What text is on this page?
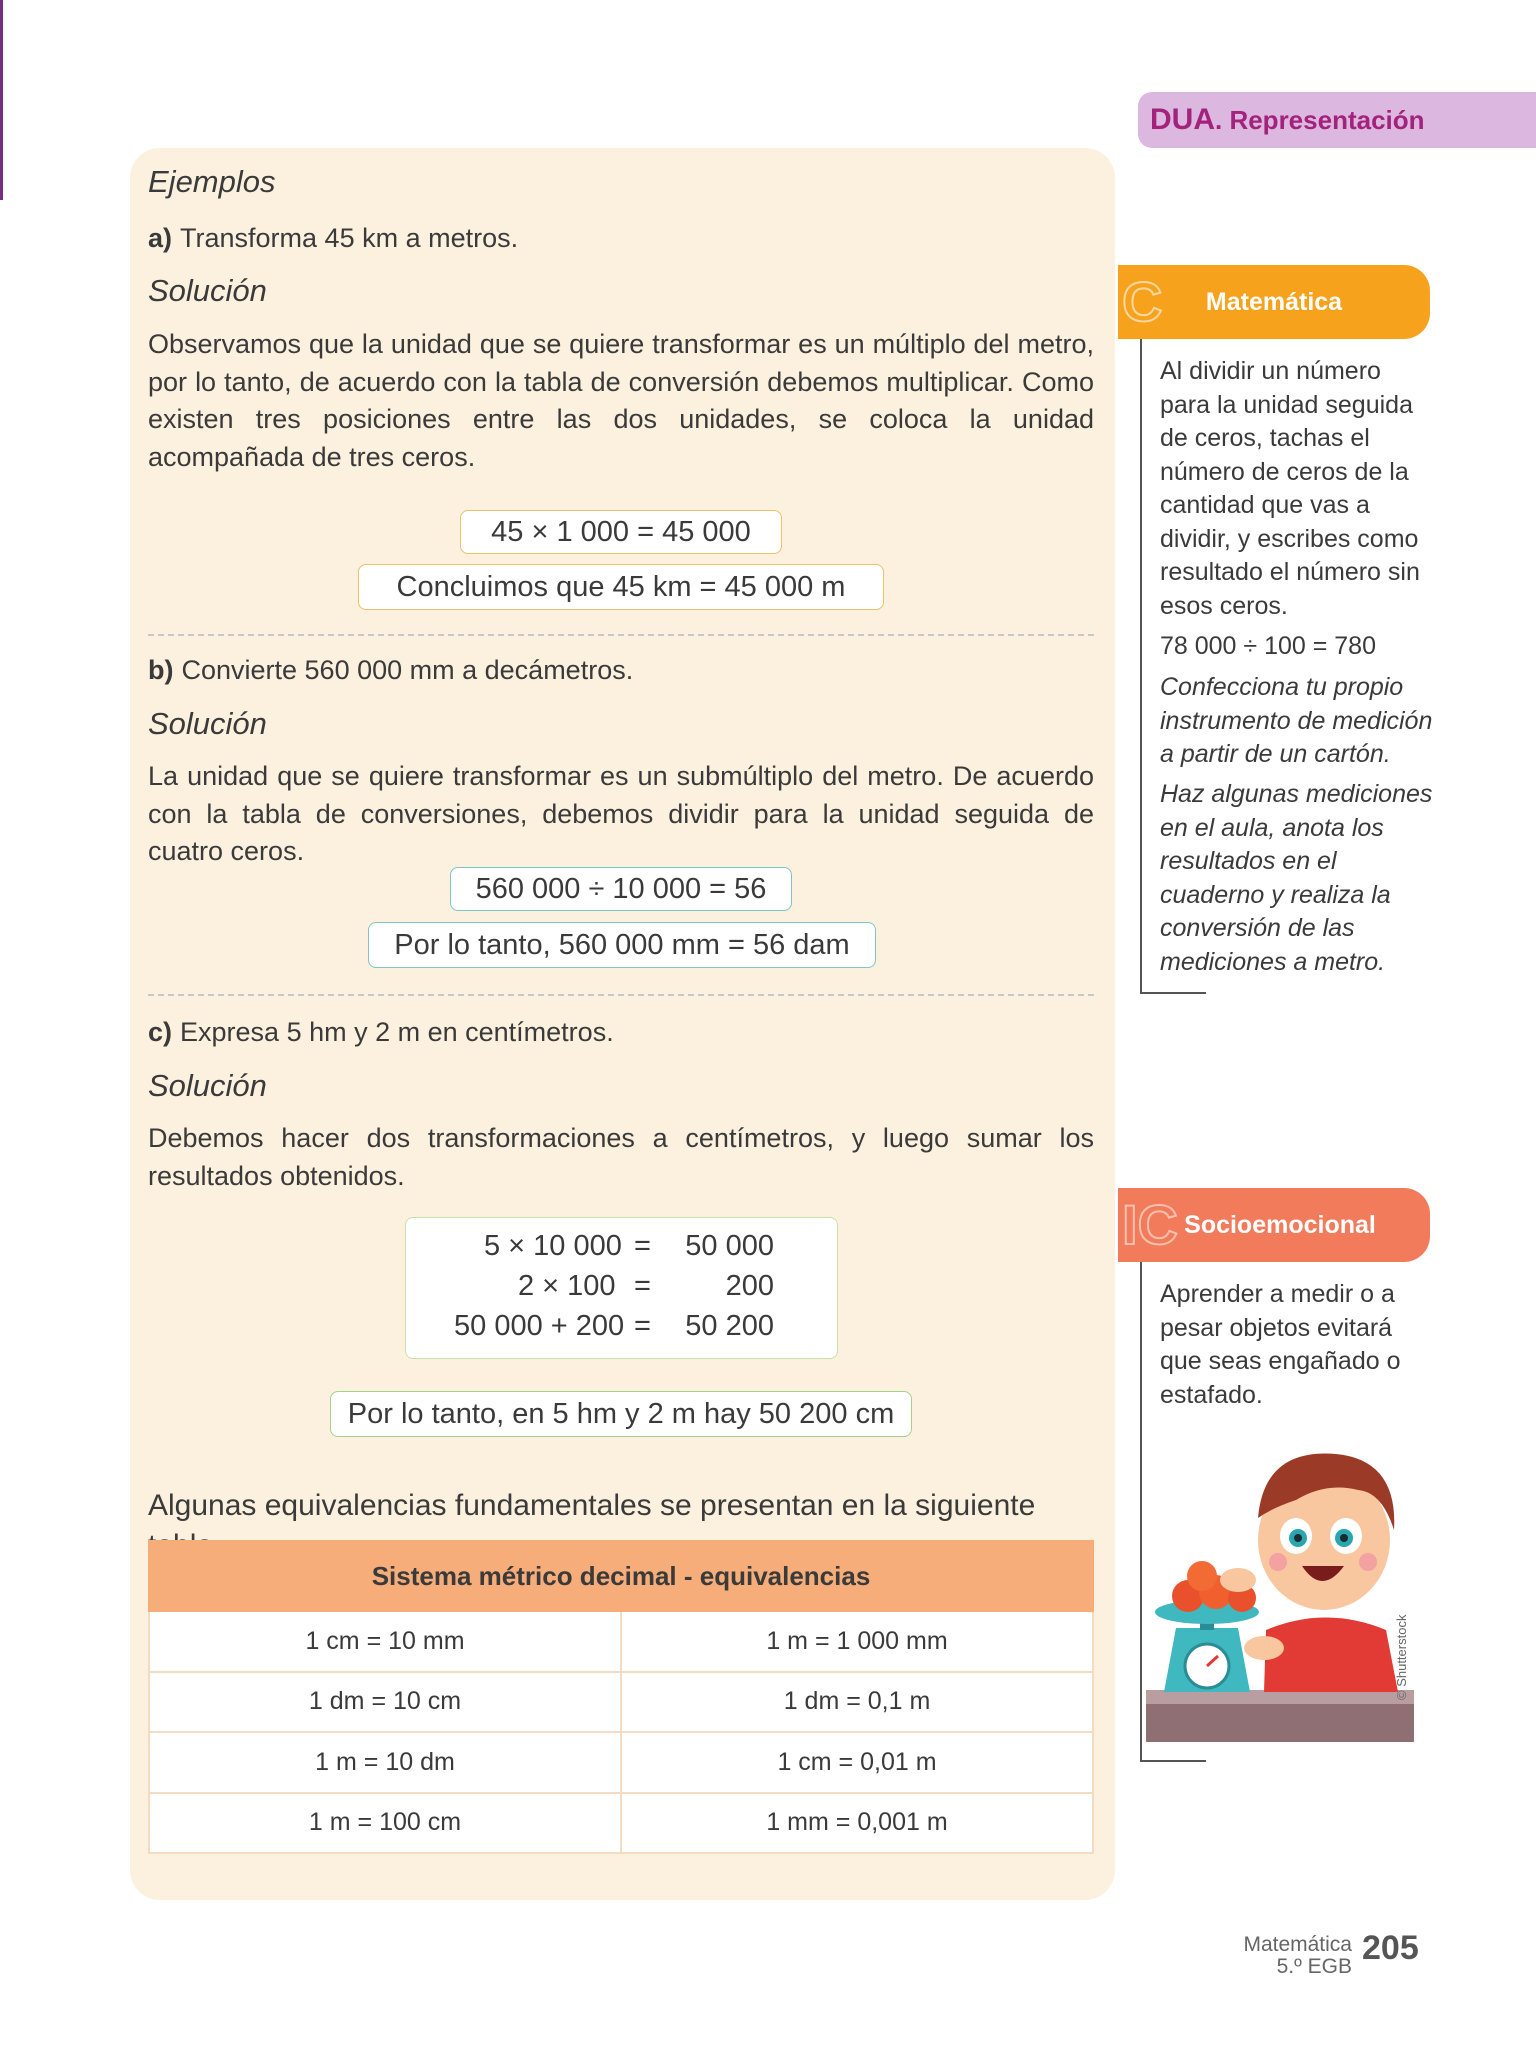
DUA . Representación
Ejemplos
a) Transforma 45 km a metros.
Solución
Observamos que la unidad que se quiere transformar es un múltiplo del metro, por lo tanto, de acuerdo con la tabla de conversión debemos multiplicar. Como existen tres posiciones entre las dos unidades, se coloca la unidad acompañada de tres ceros.
45 × 1 000 = 45 000
Concluimos que 45 km = 45 000 m
b) Convierte 560 000 mm a decámetros.
Solución
La unidad que se quiere transformar es un submúltiplo del metro. De acuerdo con la tabla de conversiones, debemos dividir para la unidad seguida de cuatro ceros.
560 000 ÷ 10 000 = 56
Por lo tanto, 560 000 mm = 56 dam
c) Expresa 5 hm y 2 m en centímetros.
Solución
Debemos hacer dos transformaciones a centímetros, y luego sumar los resultados obtenidos.
5 × 10 000 =	50 000
2 × 100 =	200
50 000 + 200 =	50 200
Por lo tanto, en 5 hm y 2 m hay 50 200 cm
Algunas equivalencias fundamentales se presentan en la siguiente
Sistema métrico decimal - equivalencias	
1 cm = 10 mm	1 m = 1 000 mm
1 dm = 10 cm	1 dm = 0,1 m
1 m = 10 dm	1 cm = 0,01 m
1 m = 100 cm	1 mm = 0,001 m
C Matemática
Al dividir un número para la unidad seguida de ceros, tachas el número de ceros de la cantidad que vas a dividir, y escribes como resultado el número sin esos ceros.
78 000 ÷ 100 = 780
Confecciona tu propio instrumento de medición a partir de un cartón.
Haz algunas mediciones en el aula, anota los resultados en el cuaderno y realiza la conversión de las mediciones a metro.
IC Socioemocional
Aprender a medir o a pesar objetos evitará que seas engañado o estafado.
© Shutterstock
Matemática
5.º EGB 205
